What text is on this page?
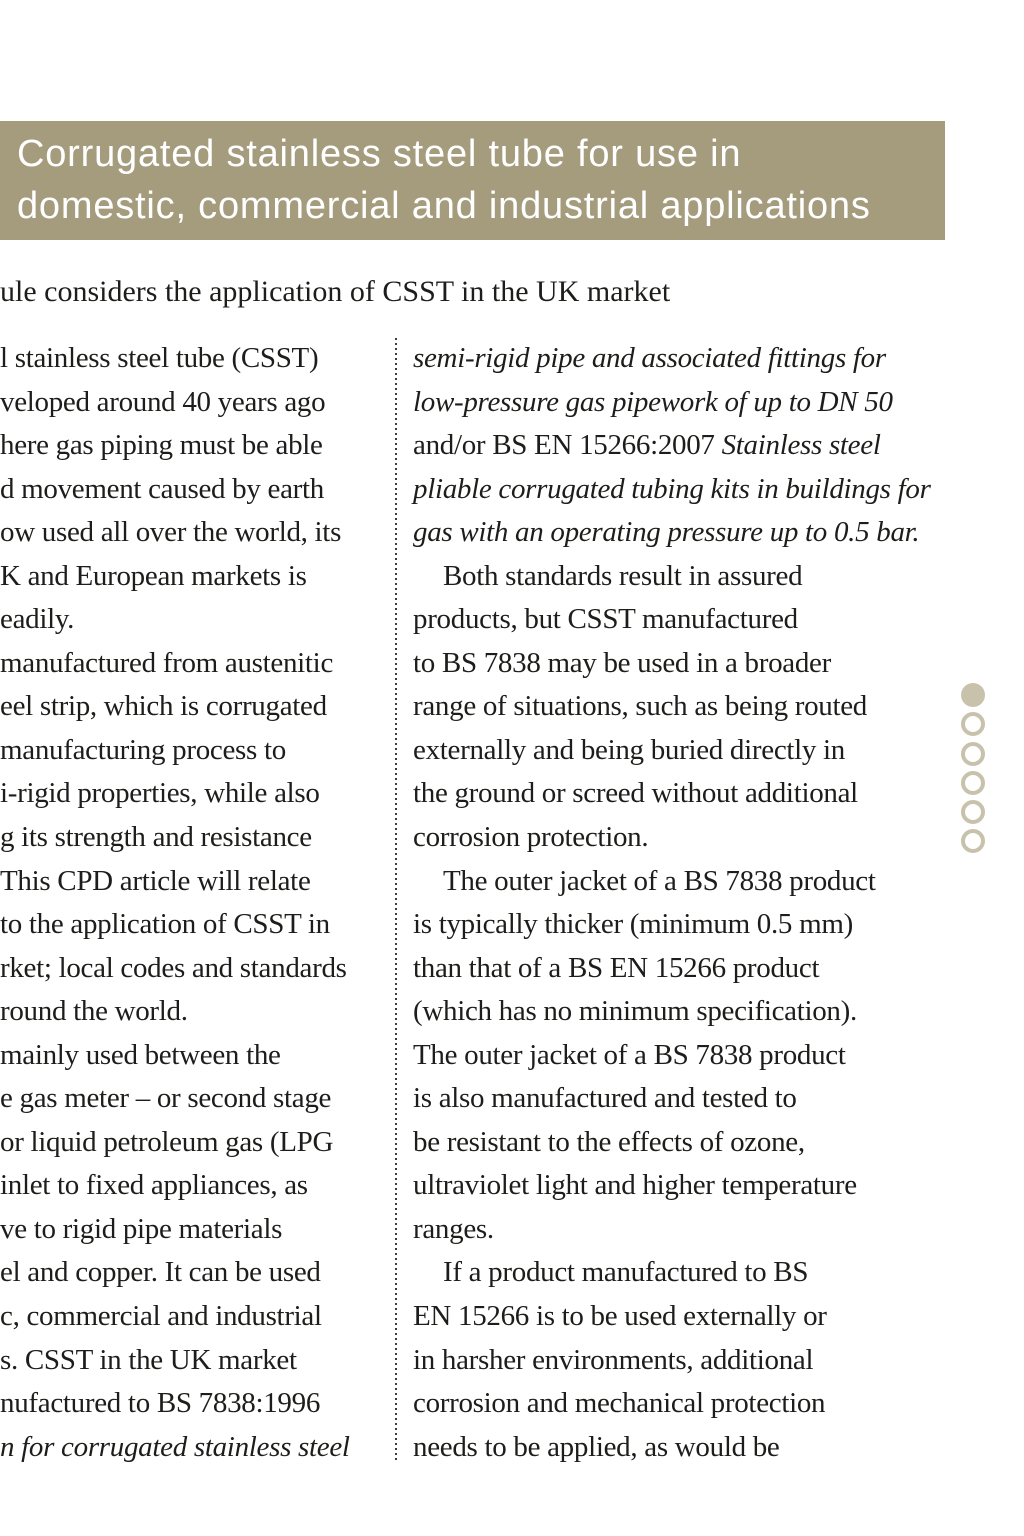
Corrugated stainless steel tube for use in
domestic, commercial and industrial applications
ule considers the application of CSST in the UK market
l stainless steel tube (CSST)
veloped around 40 years ago
here gas piping must be able
d movement caused by earth
ow used all over the world, its
K and European markets is
eadily.
manufactured from austenitic
eel strip, which is corrugated
manufacturing process to
i-rigid properties, while also
g its strength and resistance
This CPD article will relate
to the application of CSST in
rket; local codes and standards
round the world.
mainly used between the
e gas meter – or second stage
or liquid petroleum gas (LPG
inlet to fixed appliances, as
ve to rigid pipe materials
el and copper. It can be used
c, commercial and industrial
s. CSST in the UK market
nufactured to BS 7838:1996
n for corrugated stainless steel
semi-rigid pipe and associated fittings for
low-pressure gas pipework of up to DN 50
and/or BS EN 15266:2007 Stainless steel
pliable corrugated tubing kits in buildings for
gas with an operating pressure up to 0.5 bar.
Both standards result in assured
products, but CSST manufactured
to BS 7838 may be used in a broader
range of situations, such as being routed
externally and being buried directly in
the ground or screed without additional
corrosion protection.
The outer jacket of a BS 7838 product
is typically thicker (minimum 0.5 mm)
than that of a BS EN 15266 product
(which has no minimum specification).
The outer jacket of a BS 7838 product
is also manufactured and tested to
be resistant to the effects of ozone,
ultraviolet light and higher temperature
ranges.
If a product manufactured to BS
EN 15266 is to be used externally or
in harsher environments, additional
corrosion and mechanical protection
needs to be applied, as would be
